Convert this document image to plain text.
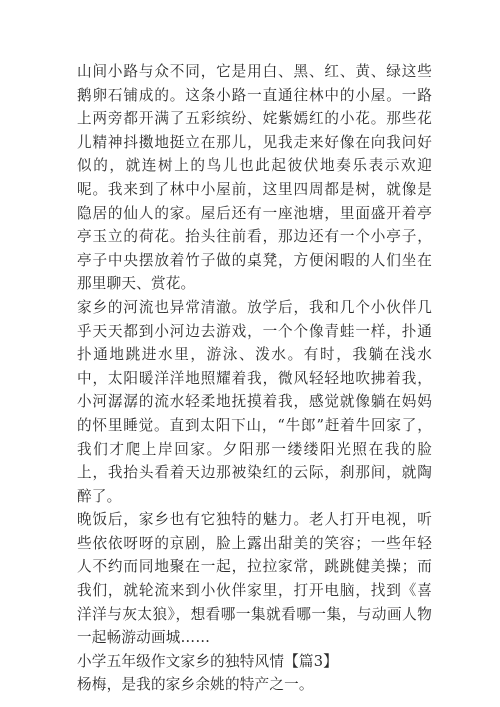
山间小路与众不同，它是用白、黑、红、黄、绿这些鹅卵石铺成的。这条小路一直通往林中的小屋。一路上两旁都开满了五彩缤纷、姹紫嫣红的小花。那些花儿精神抖擞地挺立在那儿，见我走来好像在向我问好似的，就连树上的鸟儿也此起彼伏地奏乐表示欢迎呢。我来到了林中小屋前，这里四周都是树，就像是隐居的仙人的家。屋后还有一座池塘，里面盛开着亭亭玉立的荷花。抬头往前看，那边还有一个小亭子，亭子中央摆放着竹子做的桌凳，方便闲暇的人们坐在那里聊天、赏花。

家乡的河流也异常清澈。放学后，我和几个小伙伴几乎天天都到小河边去游戏，一个个像青蛙一样，扑通扑通地跳进水里，游泳、泼水。有时，我躺在浅水中，太阳暖洋洋地照耀着我，微风轻轻地吹拂着我，小河潺潺的流水轻柔地抚摸着我，感觉就像躺在妈妈的怀里睡觉。直到太阳下山，“牛郎”赶着牛回家了，我们才爬上岸回家。夕阳那一缕缕阳光照在我的脸上，我抬头看着天边那被染红的云际，刹那间，就陶醉了。

晚饭后，家乡也有它独特的魅力。老人打开电视，听些依依呀呀的京剧，脸上露出甜美的笑容；一些年轻人不约而同地聚在一起，拉拉家常，跳跳健美操；而我们，就轮流来到小伙伴家里，打开电脑，找到《喜洋洋与灰太狼》，想看哪一集就看哪一集，与动画人物一起畅游动画城……

小学五年级作文家乡的独特风情【篇3】

杨梅，是我的家乡余姚的特产之一。
